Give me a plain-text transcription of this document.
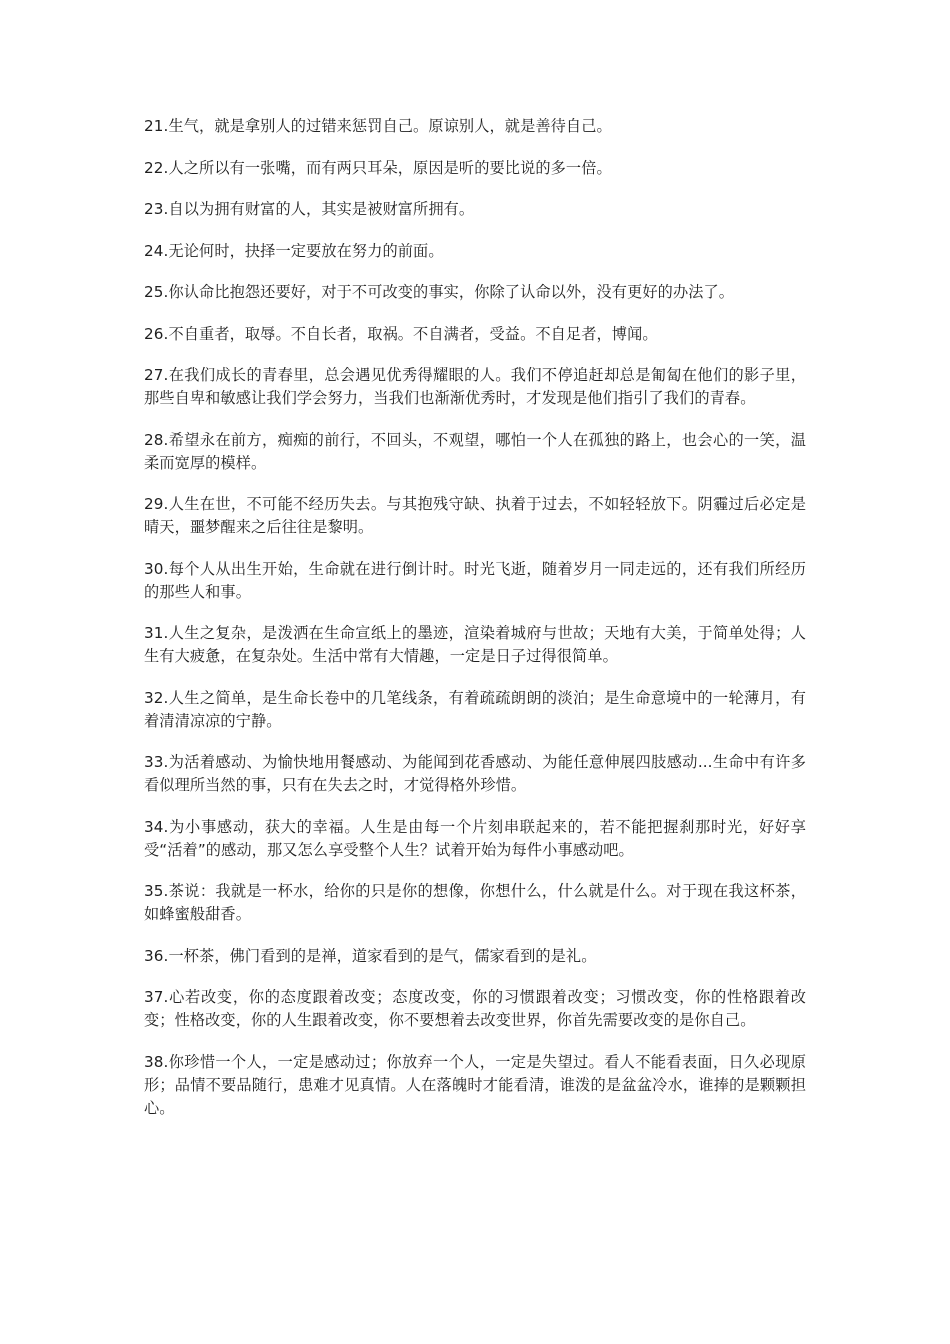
21.生气，就是拿别人的过错来惩罚自己。原谅别人，就是善待自己。

22.人之所以有一张嘴，而有两只耳朵，原因是听的要比说的多一倍。

23.自以为拥有财富的人，其实是被财富所拥有。

24.无论何时，抉择一定要放在努力的前面。

25.你认命比抱怨还要好，对于不可改变的事实，你除了认命以外，没有更好的办法了。

26.不自重者，取辱。不自长者，取祸。不自满者，受益。不自足者，博闻。

27.在我们成长的青春里，总会遇见优秀得耀眼的人。我们不停追赶却总是匍匐在他们的影子里，那些自卑和敏感让我们学会努力，当我们也渐渐优秀时，才发现是他们指引了我们的青春。

28.希望永在前方，痴痴的前行，不回头，不观望，哪怕一个人在孤独的路上，也会心的一笑，温柔而宽厚的模样。

29.人生在世，不可能不经历失去。与其抱残守缺、执着于过去，不如轻轻放下。阴霾过后必定是晴天，噩梦醒来之后往往是黎明。

30.每个人从出生开始，生命就在进行倒计时。时光飞逝，随着岁月一同走远的，还有我们所经历的那些人和事。

31.人生之复杂，是泼洒在生命宣纸上的墨迹，渲染着城府与世故；天地有大美，于简单处得；人生有大疲惫，在复杂处。生活中常有大情趣，一定是日子过得很简单。

32.人生之简单，是生命长卷中的几笔线条，有着疏疏朗朗的淡泊；是生命意境中的一轮薄月，有着清清凉凉的宁静。

33.为活着感动、为愉快地用餐感动、为能闻到花香感动、为能任意伸展四肢感动...生命中有许多看似理所当然的事，只有在失去之时，才觉得格外珍惜。

34.为小事感动，获大的幸福。人生是由每一个片刻串联起来的，若不能把握刹那时光，好好享受“活着”的感动，那又怎么享受整个人生？试着开始为每件小事感动吧。

35.茶说：我就是一杯水，给你的只是你的想像，你想什么，什么就是什么。对于现在我这杯茶，如蜂蜜般甜香。

36.一杯茶，佛门看到的是禅，道家看到的是气，儒家看到的是礼。

37.心若改变，你的态度跟着改变；态度改变，你的习惯跟着改变；习惯改变，你的性格跟着改变；性格改变，你的人生跟着改变，你不要想着去改变世界，你首先需要改变的是你自己。

38.你珍惜一个人，一定是感动过；你放弃一个人，一定是失望过。看人不能看表面，日久必现原形；品情不要品随行，患难才见真情。人在落魄时才能看清，谁泼的是盆盆冷水，谁捧的是颗颗担心。
